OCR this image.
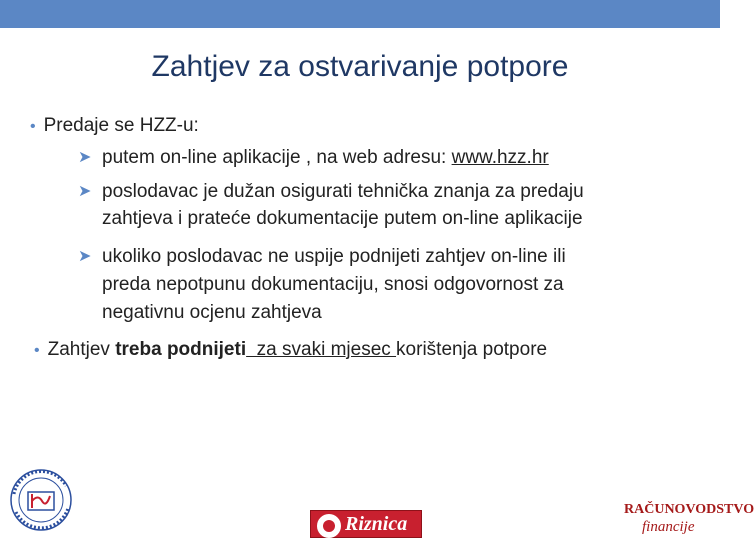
Zahtjev za ostvarivanje potpore
• Predaje se HZZ-u:
➤ putem on-line aplikacije , na web adresu: www.hzz.hr
➤ poslodavac je dužan osigurati tehnička znanja za predaju
zahtjeva i prateće dokumentacije putem on-line aplikacije
➤ ukoliko poslodavac ne uspije podnijeti zahtjev on-line ili
preda nepotpunu dokumentaciju, snosi odgovornost za
negativnu ocjenu zahtjeva
• Zahtjev treba podnijeti  za svaki mjesec korištenja potpore
Riznica
RAČUNOVODSTVO
financije
